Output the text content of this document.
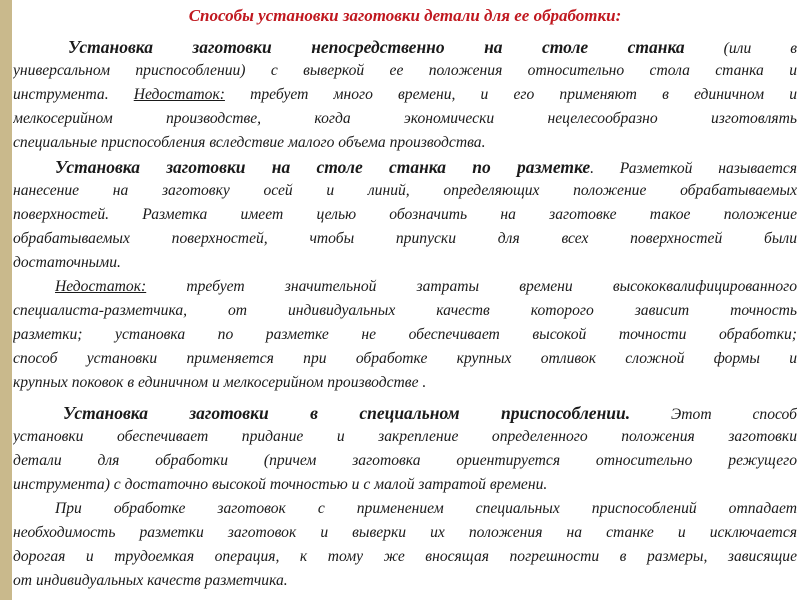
Способы установки заготовки детали для ее обработки:
Установка заготовки непосредственно на столе станка (или в
универсальном приспособлении) с выверкой ее положения относительно стола станка и
инструмента. Недостаток: требует много времени, и его применяют в единичном и
мелкосерийном производстве, когда экономически нецелесообразно изготовлять
специальные приспособления вследствие малого объема производства.
Установка заготовки на столе станка по разметке. Разметкой называется
нанесение на заготовку осей и линий, определяющих положение обрабатываемых
поверхностей. Разметка имеет целью обозначить на заготовке такое положение
обрабатываемых поверхностей, чтобы припуски для всех поверхностей были
достаточными.
Недостаток: требует значительной затраты времени высококвалифицированного
специалиста-разметчика, от индивидуальных качеств которого зависит точность
разметки; установка по разметке не обеспечивает высокой точности обработки;
способ установки применяется при обработке крупных отливок сложной формы и
крупных поковок в единичном и мелкосерийном производстве .
Установка заготовки в специальном приспособлении. Этот способ
установки обеспечивает придание и закрепление определенного положения заготовки
детали для обработки (причем заготовка ориентируется относительно режущего
инструмента) с достаточно высокой точностью и с малой затратой времени.
При обработке заготовок с применением специальных приспособлений отпадает
необходимость разметки заготовок и выверки их положения на станке и исключается
дорогая и трудоемкая операция, к тому же вносящая погрешности в размеры, зависящие
от индивидуальных качеств разметчика.
